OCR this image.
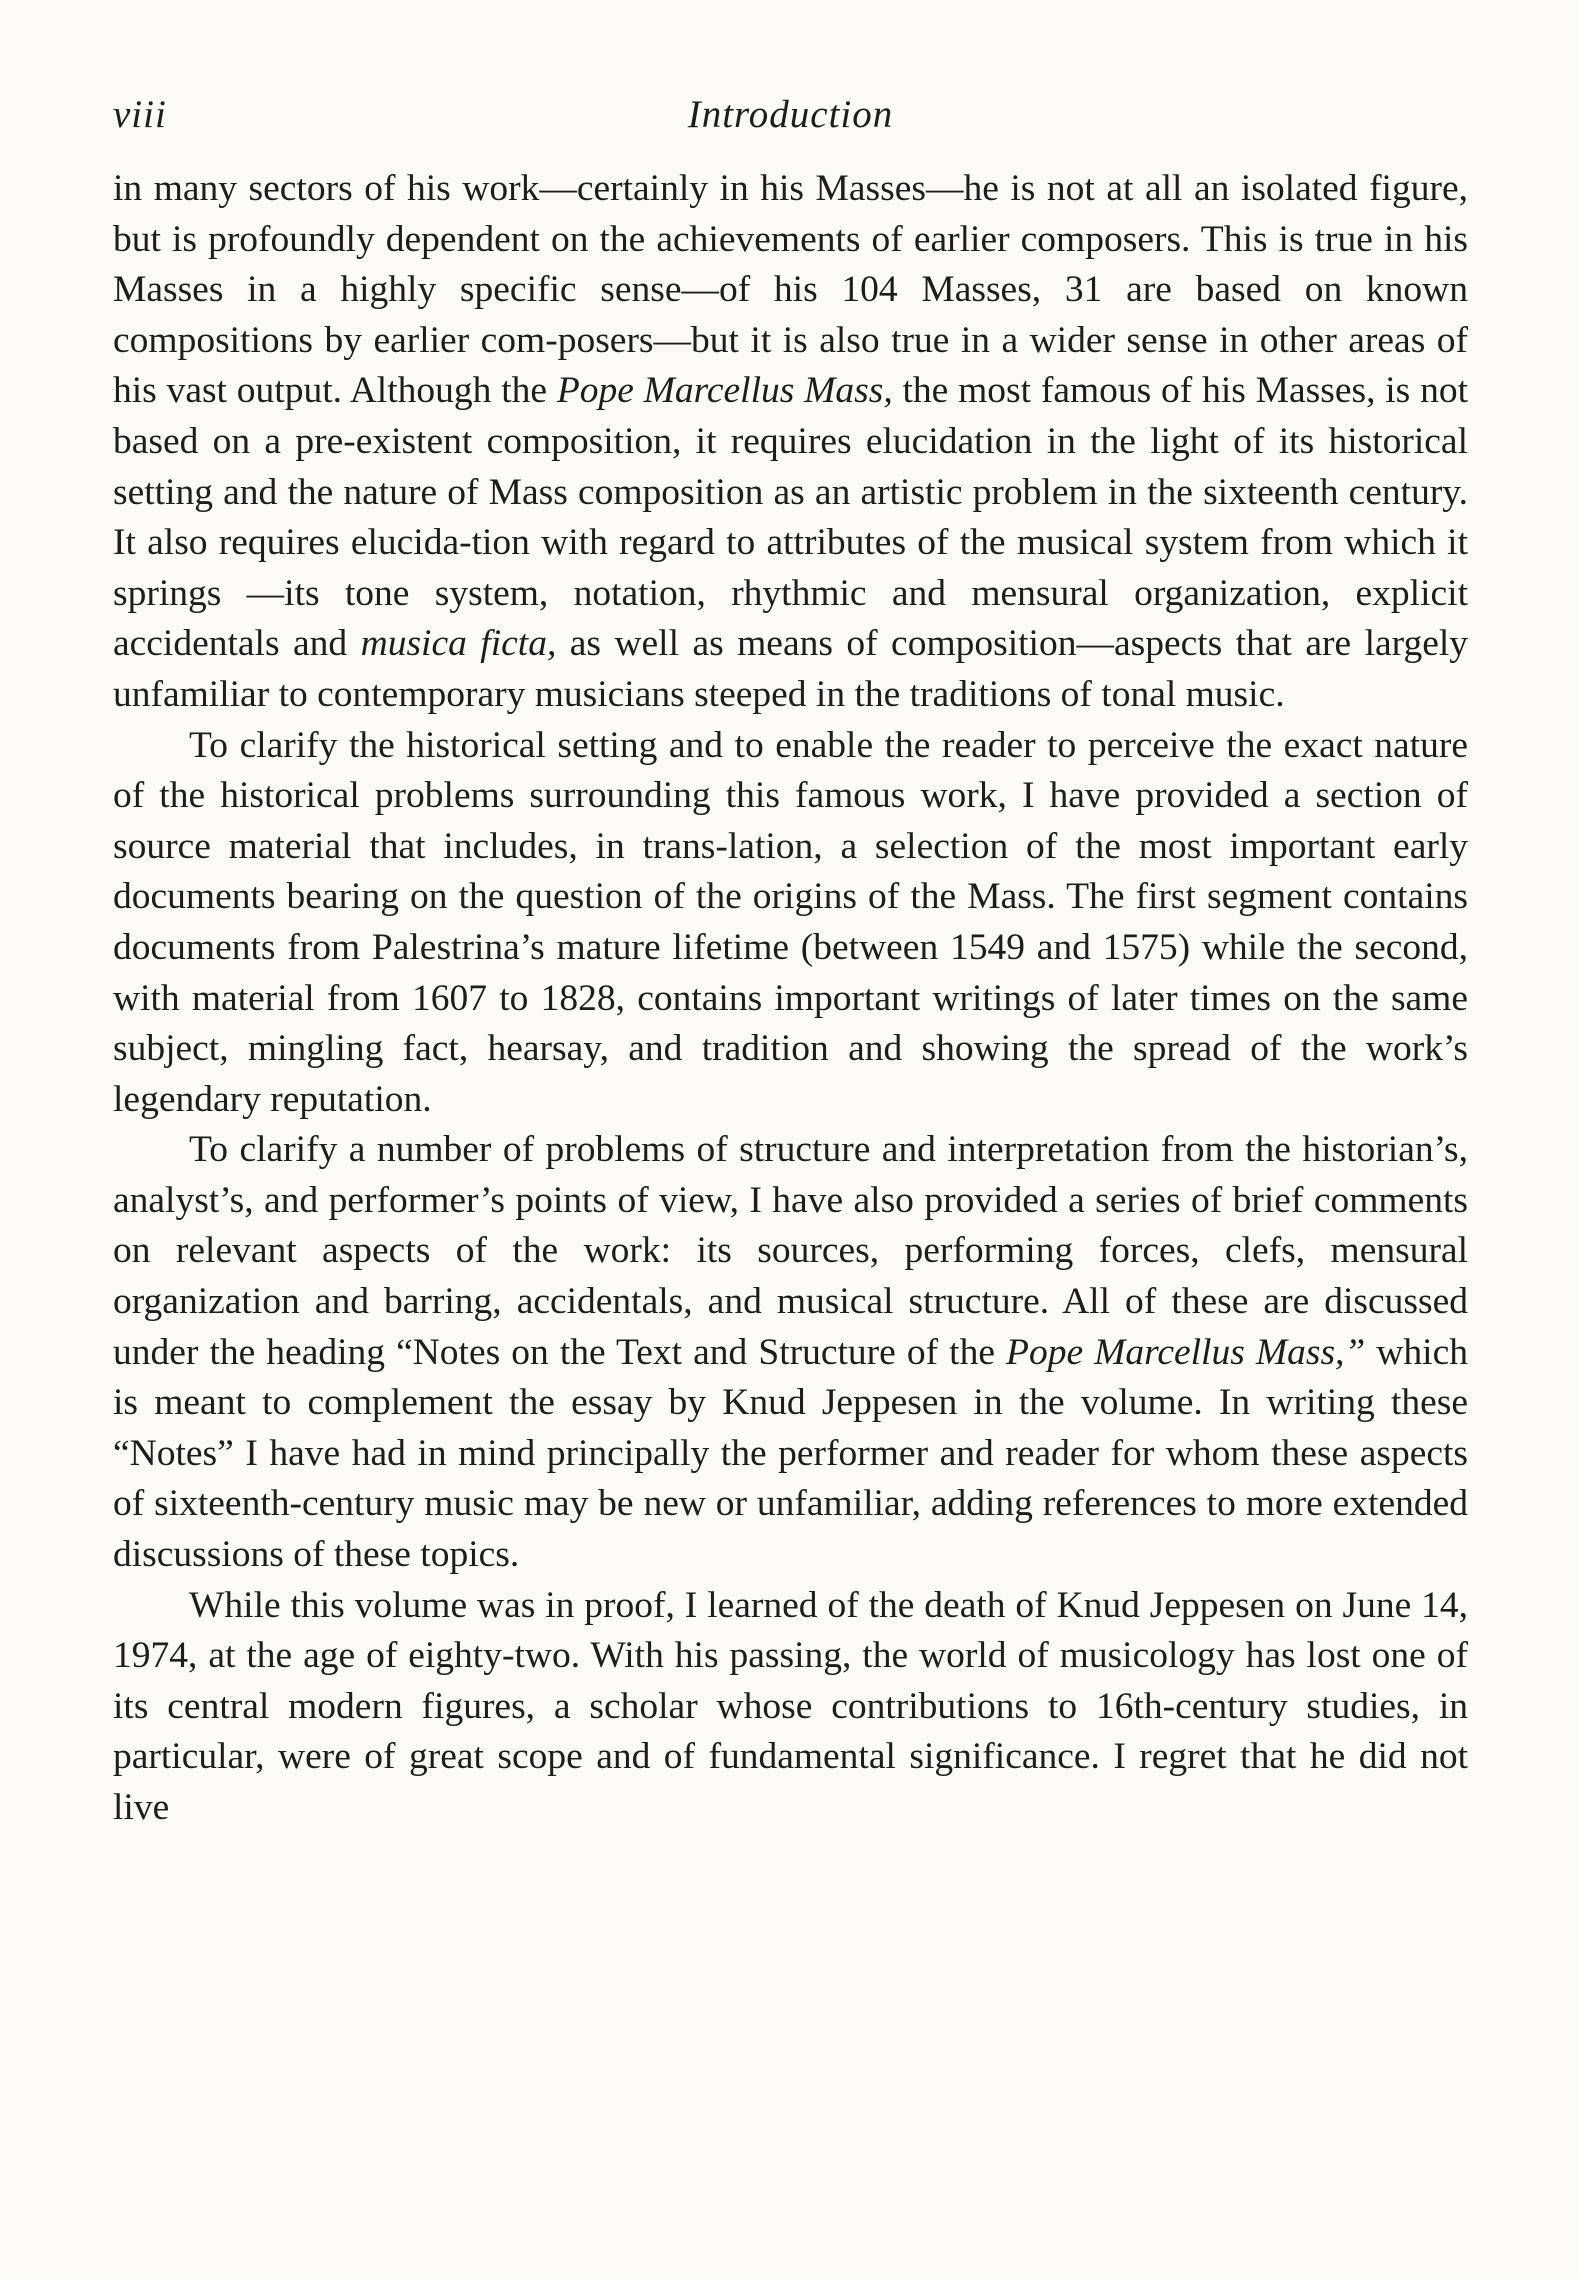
viii	Introduction

in many sectors of his work—certainly in his Masses—he is not at all an isolated figure, but is profoundly dependent on the achievements of earlier composers. This is true in his Masses in a highly specific sense—of his 104 Masses, 31 are based on known compositions by earlier com-posers—but it is also true in a wider sense in other areas of his vast output. Although the Pope Marcellus Mass, the most famous of his Masses, is not based on a pre-existent composition, it requires elucidation in the light of its historical setting and the nature of Mass composition as an artistic problem in the sixteenth century. It also requires elucida-tion with regard to attributes of the musical system from which it springs —its tone system, notation, rhythmic and mensural organization, explicit accidentals and musica ficta, as well as means of composition—aspects that are largely unfamiliar to contemporary musicians steeped in the traditions of tonal music.

To clarify the historical setting and to enable the reader to perceive the exact nature of the historical problems surrounding this famous work, I have provided a section of source material that includes, in trans-lation, a selection of the most important early documents bearing on the question of the origins of the Mass. The first segment contains documents from Palestrina’s mature lifetime (between 1549 and 1575) while the second, with material from 1607 to 1828, contains important writings of later times on the same subject, mingling fact, hearsay, and tradition and showing the spread of the work’s legendary reputation.

To clarify a number of problems of structure and interpretation from the historian’s, analyst’s, and performer’s points of view, I have also provided a series of brief comments on relevant aspects of the work: its sources, performing forces, clefs, mensural organization and barring, accidentals, and musical structure. All of these are discussed under the heading “Notes on the Text and Structure of the Pope Marcellus Mass,” which is meant to complement the essay by Knud Jeppesen in the volume. In writing these “Notes” I have had in mind principally the performer and reader for whom these aspects of sixteenth-century music may be new or unfamiliar, adding references to more extended discussions of these topics.

While this volume was in proof, I learned of the death of Knud Jeppesen on June 14, 1974, at the age of eighty-two. With his passing, the world of musicology has lost one of its central modern figures, a scholar whose contributions to 16th-century studies, in particular, were of great scope and of fundamental significance. I regret that he did not live
